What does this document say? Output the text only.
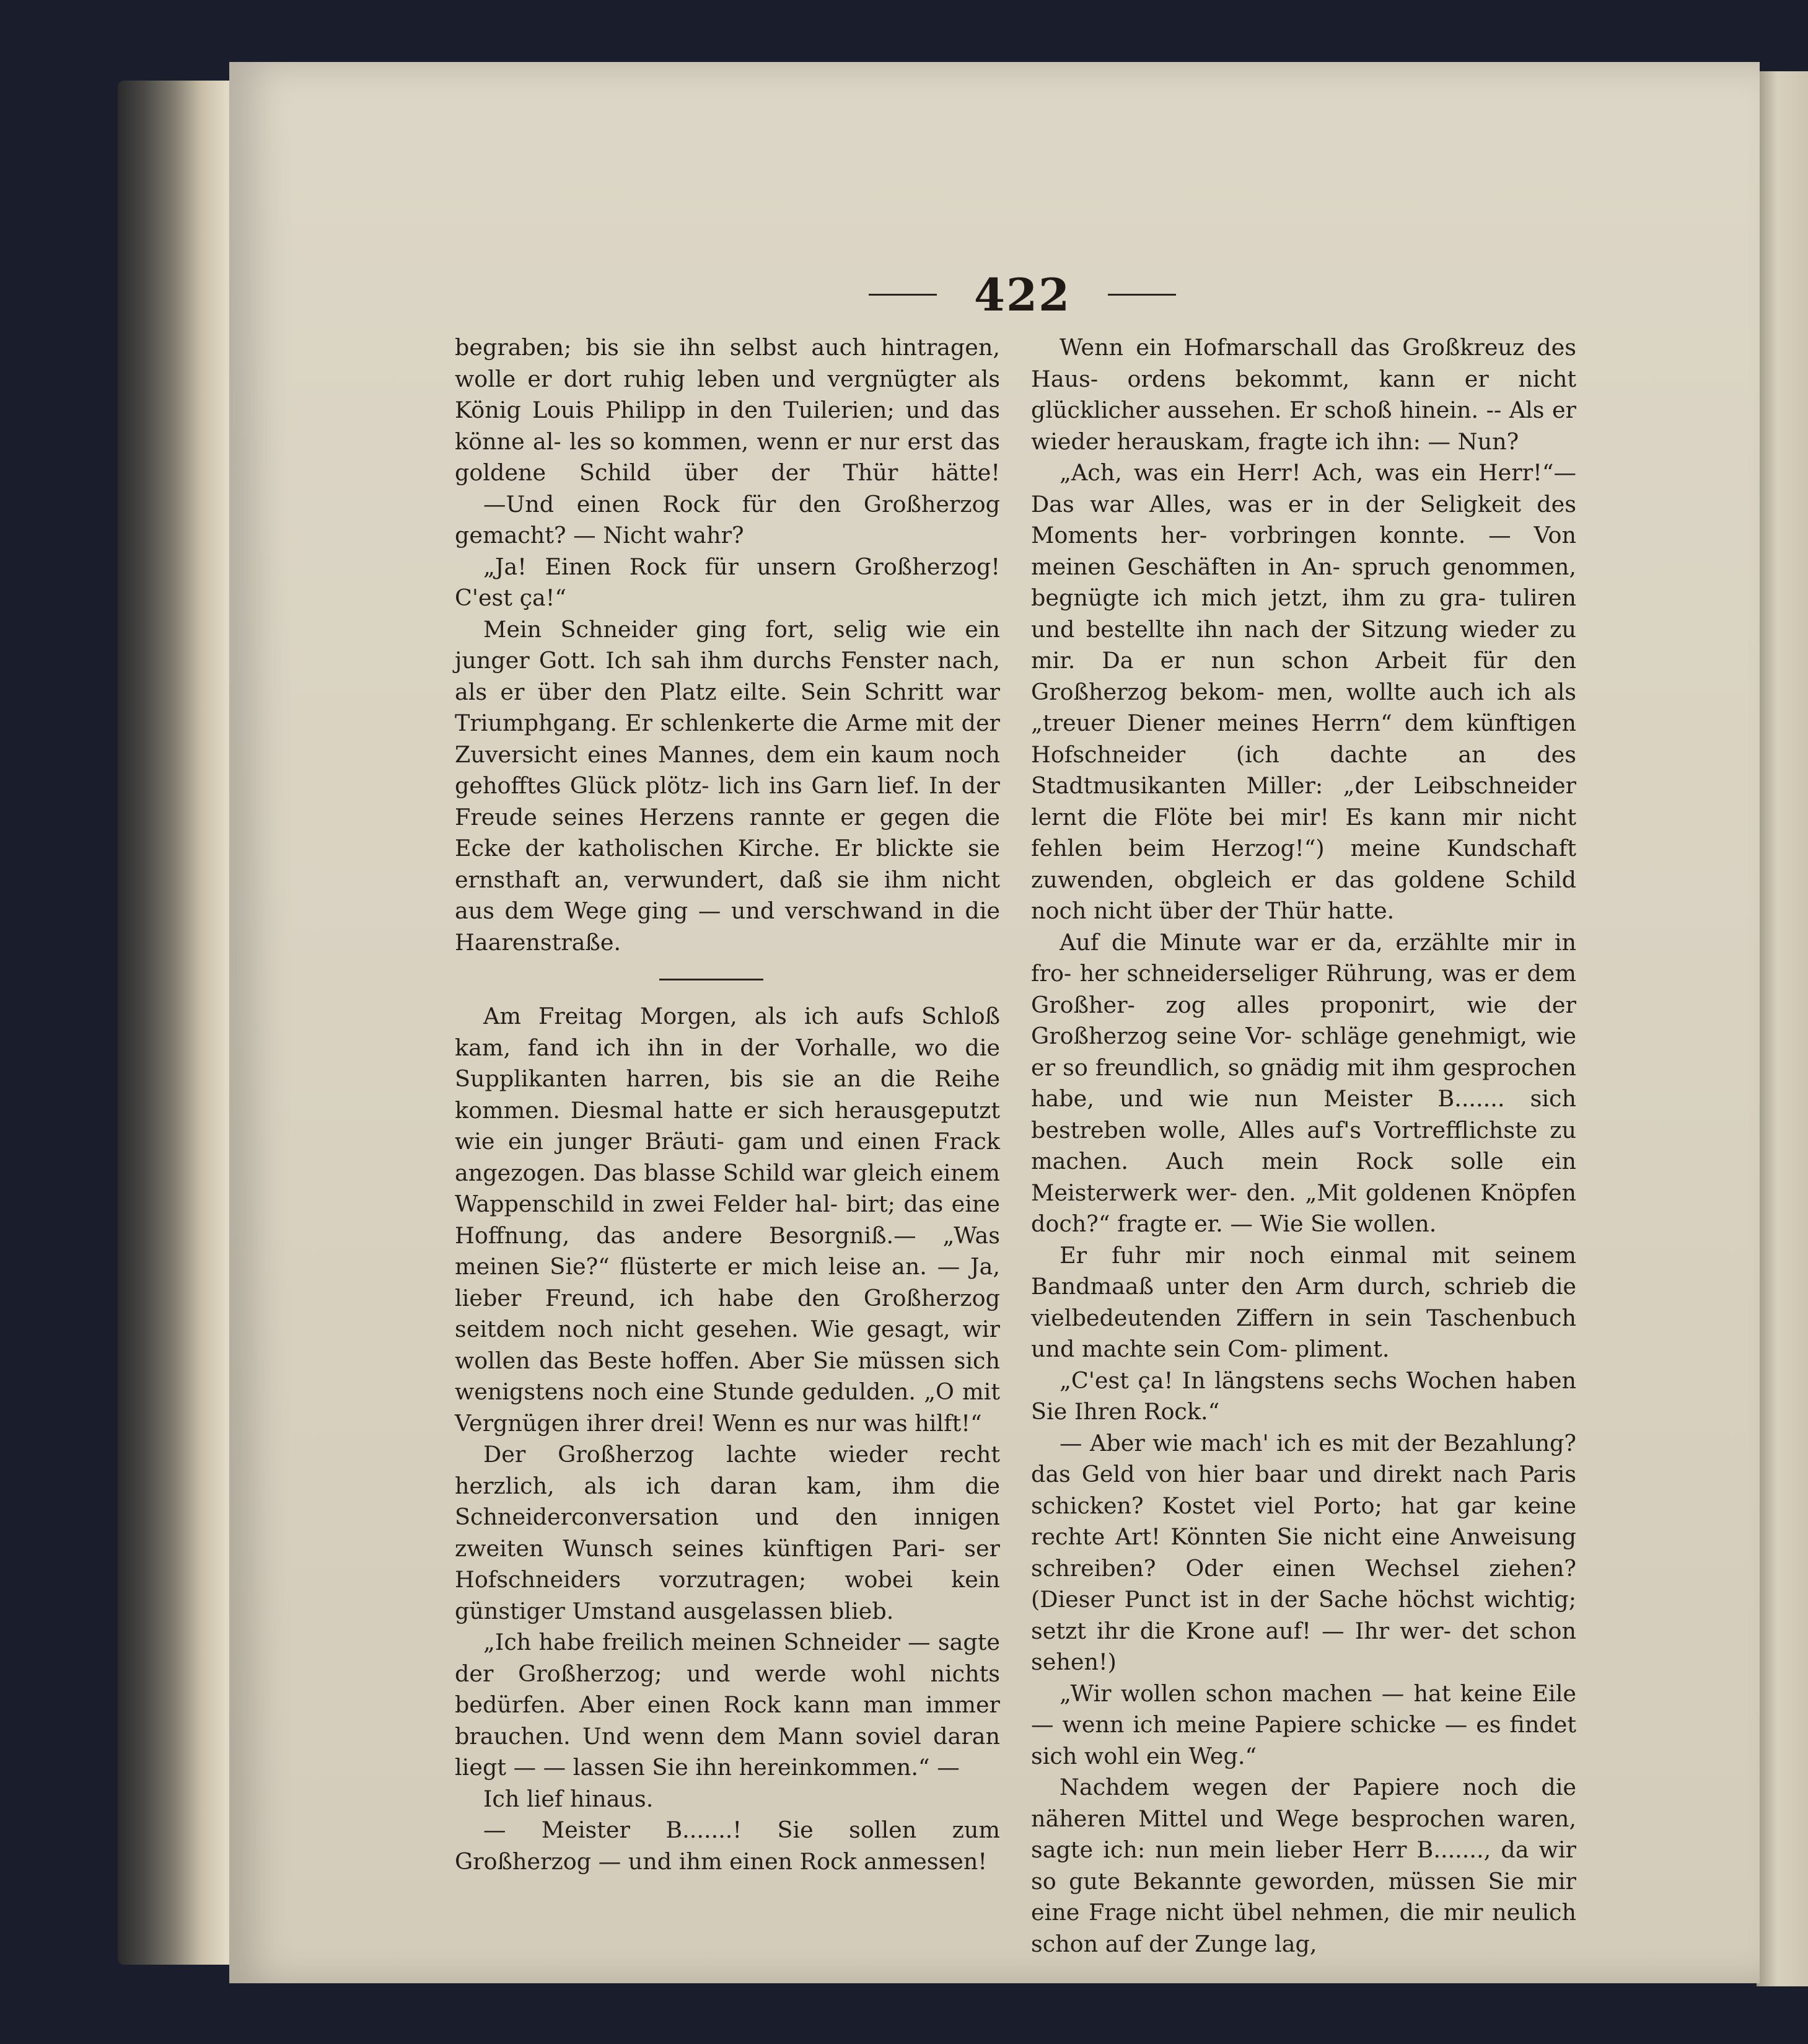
422

begraben; bis sie ihn selbst auch hintragen, wolle er dort ruhig leben und vergnügter als König Louis Philipp in den Tuilerien; und das könne al- les so kommen, wenn er nur erst das goldene Schild über der Thür hätte!

—Und einen Rock für den Großherzog gemacht? — Nicht wahr?

„Ja! Einen Rock für unsern Großherzog! C'est ça!“

Mein Schneider ging fort, selig wie ein junger Gott. Ich sah ihm durchs Fenster nach, als er über den Platz eilte. Sein Schritt war Triumphgang. Er schlenkerte die Arme mit der Zuversicht eines Mannes, dem ein kaum noch gehofftes Glück plötz- lich ins Garn lief. In der Freude seines Herzens rannte er gegen die Ecke der katholischen Kirche. Er blickte sie ernsthaft an, verwundert, daß sie ihm nicht aus dem Wege ging — und verschwand in die Haarenstraße.

Am Freitag Morgen, als ich aufs Schloß kam, fand ich ihn in der Vorhalle, wo die Supplikanten harren, bis sie an die Reihe kommen. Diesmal hatte er sich herausgeputzt wie ein junger Bräuti- gam und einen Frack angezogen. Das blasse Schild war gleich einem Wappenschild in zwei Felder hal- birt; das eine Hoffnung, das andere Besorgniß.— „Was meinen Sie?“ flüsterte er mich leise an. — Ja, lieber Freund, ich habe den Großherzog seitdem noch nicht gesehen. Wie gesagt, wir wollen das Beste hoffen. Aber Sie müssen sich wenigstens noch eine Stunde gedulden. „O mit Vergnügen ihrer drei! Wenn es nur was hilft!“

Der Großherzog lachte wieder recht herzlich, als ich daran kam, ihm die Schneiderconversation und den innigen zweiten Wunsch seines künftigen Pari- ser Hofschneiders vorzutragen; wobei kein günstiger Umstand ausgelassen blieb.

„Ich habe freilich meinen Schneider — sagte der Großherzog; und werde wohl nichts bedürfen. Aber einen Rock kann man immer brauchen. Und wenn dem Mann soviel daran liegt — — lassen Sie ihn hereinkommen.“ —

Ich lief hinaus.

— Meister B.......! Sie sollen zum Großherzog — und ihm einen Rock anmessen!

Wenn ein Hofmarschall das Großkreuz des Haus- ordens bekommt, kann er nicht glücklicher aussehen. Er schoß hinein. -- Als er wieder herauskam, fragte ich ihn: — Nun?

„Ach, was ein Herr! Ach, was ein Herr!“—Das war Alles, was er in der Seligkeit des Moments her- vorbringen konnte. — Von meinen Geschäften in An- spruch genommen, begnügte ich mich jetzt, ihm zu gra- tuliren und bestellte ihn nach der Sitzung wieder zu mir. Da er nun schon Arbeit für den Großherzog bekom- men, wollte auch ich als „treuer Diener meines Herrn“ dem künftigen Hofschneider (ich dachte an des Stadtmusikanten Miller: „der Leibschneider lernt die Flöte bei mir! Es kann mir nicht fehlen beim Herzog!“) meine Kundschaft zuwenden, obgleich er das goldene Schild noch nicht über der Thür hatte.

Auf die Minute war er da, erzählte mir in fro- her schneiderseliger Rührung, was er dem Großher- zog alles proponirt, wie der Großherzog seine Vor- schläge genehmigt, wie er so freundlich, so gnädig mit ihm gesprochen habe, und wie nun Meister B....... sich bestreben wolle, Alles auf's Vortrefflichste zu machen. Auch mein Rock solle ein Meisterwerk wer- den. „Mit goldenen Knöpfen doch?“ fragte er. — Wie Sie wollen.

Er fuhr mir noch einmal mit seinem Bandmaaß unter den Arm durch, schrieb die vielbedeutenden Ziffern in sein Taschenbuch und machte sein Com- pliment.

„C'est ça! In längstens sechs Wochen haben Sie Ihren Rock.“

— Aber wie mach' ich es mit der Bezahlung? das Geld von hier baar und direkt nach Paris schicken? Kostet viel Porto; hat gar keine rechte Art! Könnten Sie nicht eine Anweisung schreiben? Oder einen Wechsel ziehen? (Dieser Punct ist in der Sache höchst wichtig; setzt ihr die Krone auf! — Ihr wer- det schon sehen!)

„Wir wollen schon machen — hat keine Eile — wenn ich meine Papiere schicke — es findet sich wohl ein Weg.“

Nachdem wegen der Papiere noch die näheren Mittel und Wege besprochen waren, sagte ich: nun mein lieber Herr B......., da wir so gute Bekannte geworden, müssen Sie mir eine Frage nicht übel nehmen, die mir neulich schon auf der Zunge lag,
